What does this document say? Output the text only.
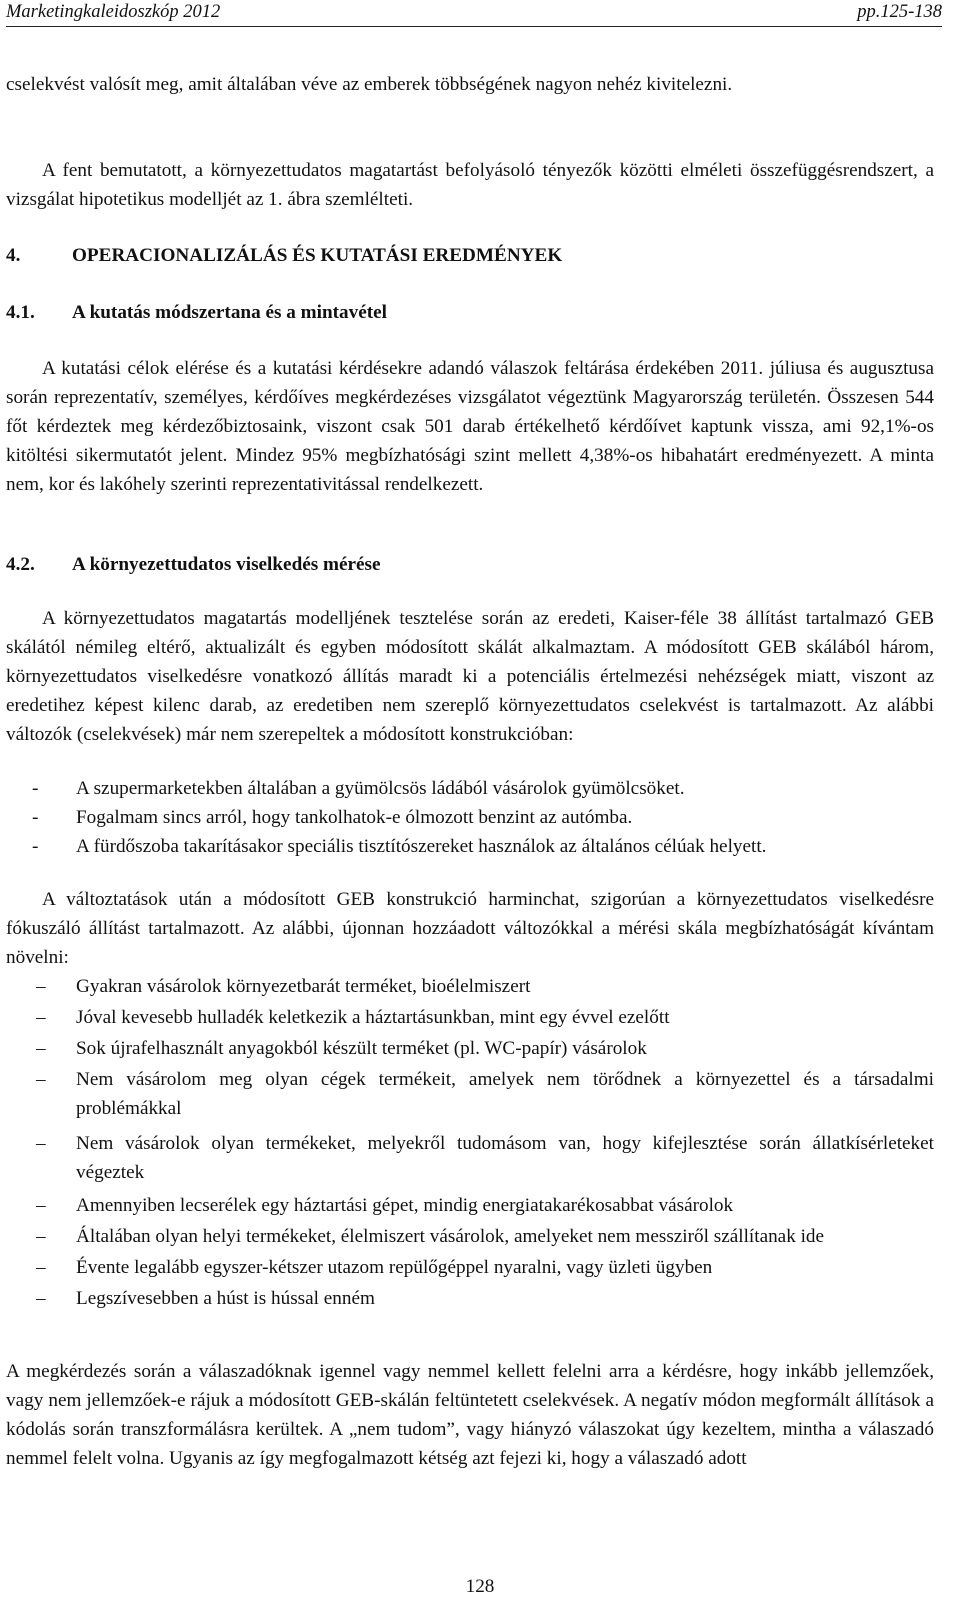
Marketingkaleidoszkóp 2012	pp.125-138

cselekvést valósít meg, amit általában véve az emberek többségének nagyon nehéz kivitelezni.

A fent bemutatott, a környezettudatos magatartást befolyásoló tényezők közötti elméleti összefüggésrendszert, a vizsgálat hipotetikus modelljét az 1. ábra szemlélteti.

4.	OPERACIONALIZÁLÁS ÉS KUTATÁSI EREDMÉNYEK
4.1. A kutatás módszertana és a mintavétel

A kutatási célok elérése és a kutatási kérdésekre adandó válaszok feltárása érdekében 2011. júliusa és augusztusa során reprezentatív, személyes, kérdőíves megkérdezéses vizsgálatot végeztünk Magyarország területén. Összesen 544 főt kérdeztek meg kérdezőbiztosaink, viszont csak 501 darab értékelhető kérdőívet kaptunk vissza, ami 92,1%-os kitöltési sikermutatót jelent. Mindez 95% megbízhatósági szint mellett 4,38%-os hibahatárt eredményezett. A minta nem, kor és lakóhely szerinti reprezentativitással rendelkezett.

4.2. A környezettudatos viselkedés mérése

A környezettudatos magatartás modelljének tesztelése során az eredeti, Kaiser-féle 38 állítást tartalmazó GEB skálától némileg eltérő, aktualizált és egyben módosított skálát alkalmaztam. A módosított GEB skálából három, környezettudatos viselkedésre vonatkozó állítás maradt ki a potenciális értelmezési nehézségek miatt, viszont az eredetihez képest kilenc darab, az eredetiben nem szereplő környezettudatos cselekvést is tartalmazott. Az alábbi változók (cselekvések) már nem szerepeltek a módosított konstrukcióban:

- A szupermarketekben általában a gyümölcsös ládából vásárolok gyümölcsöket.
- Fogalmam sincs arról, hogy tankolhatok-e ólmozott benzint az autómba.
- A fürdőszoba takarításakor speciális tisztítószereket használok az általános célúak helyett.

A változtatások után a módosított GEB konstrukció harminchat, szigorúan a környezettudatos viselkedésre fókuszáló állítást tartalmazott. Az alábbi, újonnan hozzáadott változókkal a mérési skála megbízhatóságát kívántam növelni:

– Gyakran vásárolok környezetbarát terméket, bioélelmiszert
– Jóval kevesebb hulladék keletkezik a háztartásunkban, mint egy évvel ezelőtt
– Sok újrafelhasznált anyagokból készült terméket (pl. WC-papír) vásárolok
– Nem vásárolom meg olyan cégek termékeit, amelyek nem törődnek a környezettel és a társadalmi problémákkal
– Nem vásárolok olyan termékeket, melyekről tudomásom van, hogy kifejlesztése során állatkísérleteket végeztek
– Amennyiben lecserélek egy háztartási gépet, mindig energiatakarékosabbat vásárolok
– Általában olyan helyi termékeket, élelmiszert vásárolok, amelyeket nem messziről szállítanak ide
– Évente legalább egyszer-kétszer utazom repülőgéppel nyaralni, vagy üzleti ügyben
– Legszívesebben a húst is hússal enném

A megkérdezés során a válaszadóknak igennel vagy nemmel kellett felelni arra a kérdésre, hogy inkább jellemzőek, vagy nem jellemzőek-e rájuk a módosított GEB-skálán feltüntetett cselekvések. A negatív módon megformált állítások a kódolás során transzformálásra kerültek. A „nem tudom”, vagy hiányzó válaszokat úgy kezeltem, mintha a válaszadó nemmel felelt volna. Ugyanis az így megfogalmazott kétség azt fejezi ki, hogy a válaszadó adott

128
